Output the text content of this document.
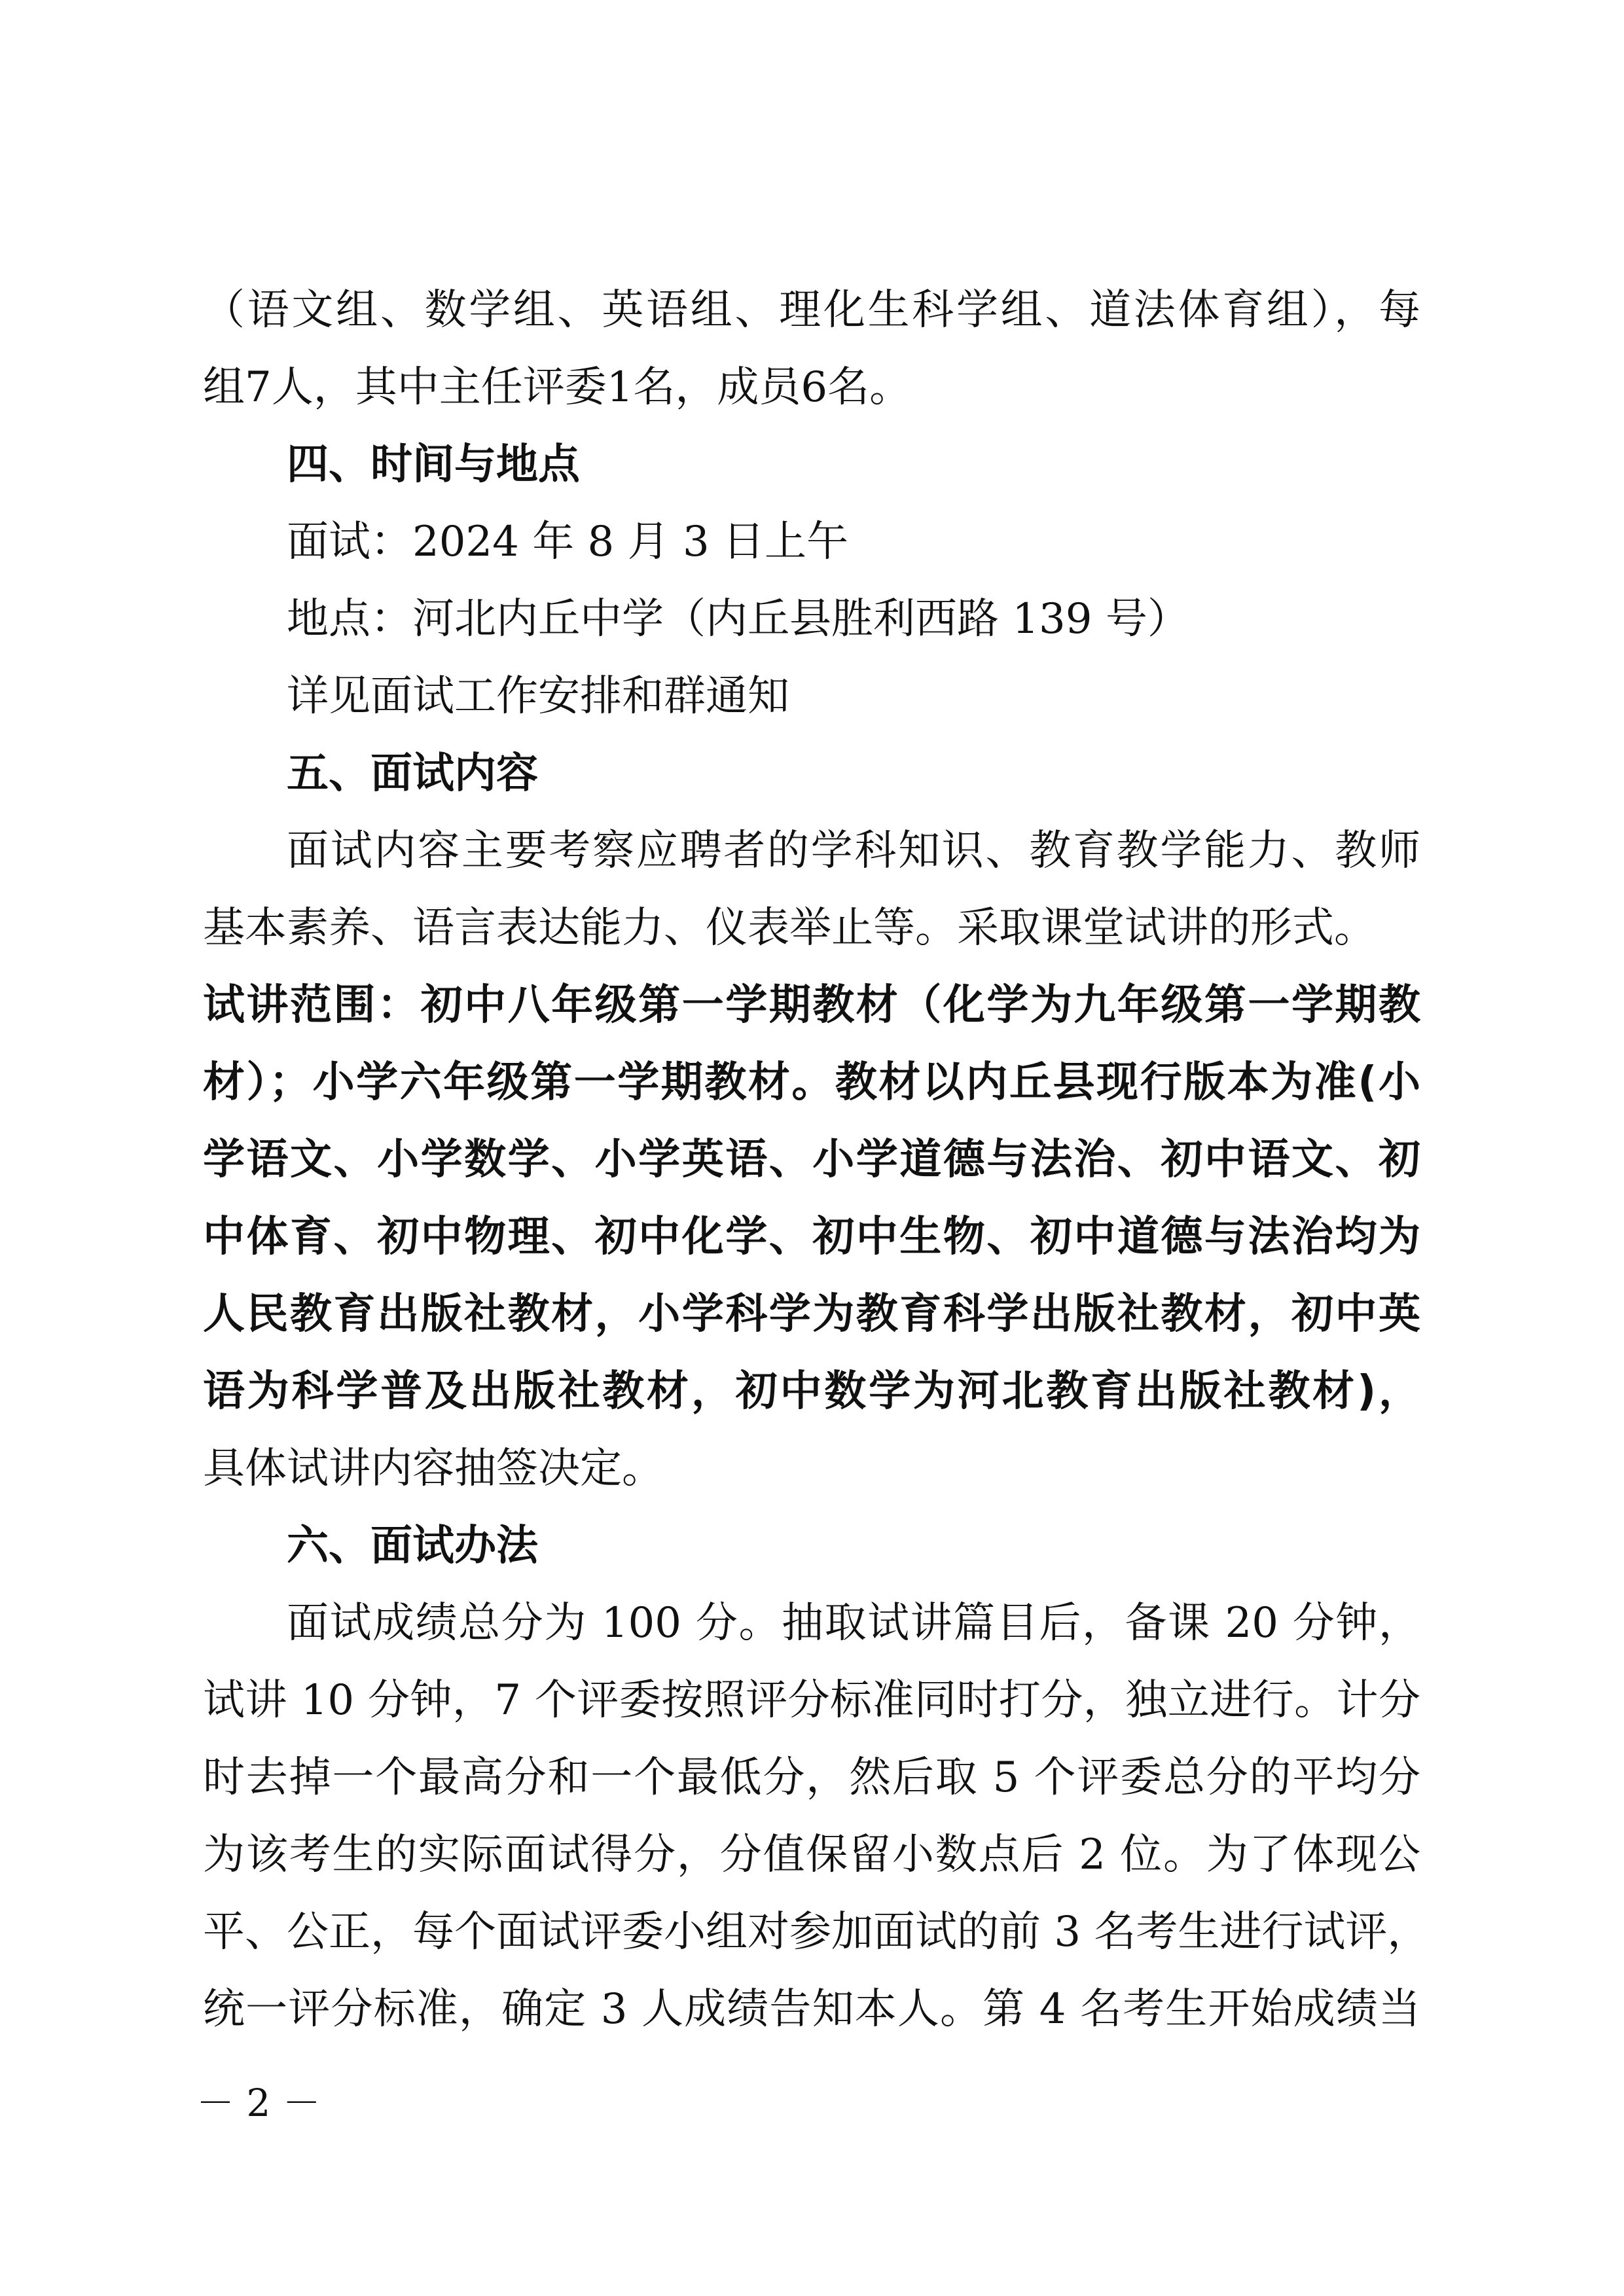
（语文组、数学组、英语组、理化生科学组、道法体育组），每
组7人，其中主任评委1名，成员6名。
四、时间与地点
面试：2024 年 8 月 3 日上午
地点：河北内丘中学（内丘县胜利西路 139 号）
详见面试工作安排和群通知
五、面试内容
面试内容主要考察应聘者的学科知识、教育教学能力、教师
基本素养、语言表达能力、仪表举止等。采取课堂试讲的形式。
试讲范围：初中八年级第一学期教材（化学为九年级第一学期教
材）；小学六年级第一学期教材。教材以内丘县现行版本为准(小
学语文、小学数学、小学英语、小学道德与法治、初中语文、初
中体育、初中物理、初中化学、初中生物、初中道德与法治均为
人民教育出版社教材，小学科学为教育科学出版社教材，初中英
语为科学普及出版社教材，初中数学为河北教育出版社教材)，
具体试讲内容抽签决定。
六、面试办法
面试成绩总分为 100 分。抽取试讲篇目后，备课 20 分钟，
试讲 10 分钟，7 个评委按照评分标准同时打分，独立进行。计分
时去掉一个最高分和一个最低分，然后取 5 个评委总分的平均分
为该考生的实际面试得分，分值保留小数点后 2 位。为了体现公
平、公正，每个面试评委小组对参加面试的前 3 名考生进行试评，
统一评分标准，确定 3 人成绩告知本人。第 4 名考生开始成绩当
－ 2 －
